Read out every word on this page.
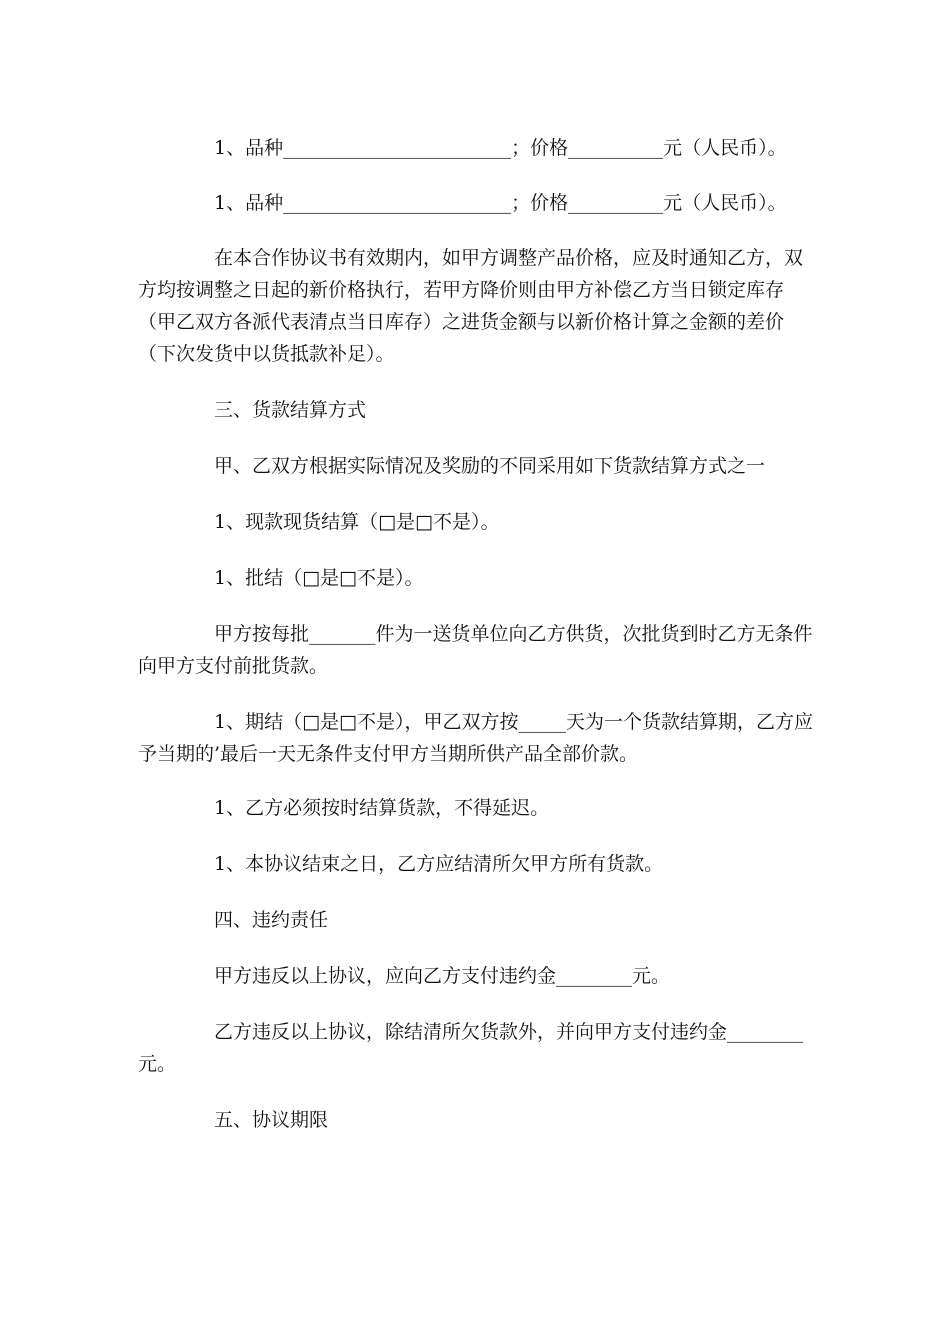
1、品种________________________；价格__________元（人民币）。

1、品种________________________；价格__________元（人民币）。

在本合作协议书有效期内，如甲方调整产品价格，应及时通知乙方，双方均按调整之日起的新价格执行，若甲方降价则由甲方补偿乙方当日锁定库存（甲乙双方各派代表清点当日库存）之进货金额与以新价格计算之金额的差价（下次发货中以货抵款补足）。

三、货款结算方式

甲、乙双方根据实际情况及奖励的不同采用如下货款结算方式之一

1、现款现货结算（□是□不是）。

1、批结（□是□不是）。

甲方按每批_______件为一送货单位向乙方供货，次批货到时乙方无条件向甲方支付前批货款。

1、期结（□是□不是），甲乙双方按_____天为一个货款结算期，乙方应予当期的’最后一天无条件支付甲方当期所供产品全部价款。

1、乙方必须按时结算货款，不得延迟。

1、本协议结束之日，乙方应结清所欠甲方所有货款。

四、违约责任

甲方违反以上协议，应向乙方支付违约金________元。

乙方违反以上协议，除结清所欠货款外，并向甲方支付违约金________元。

五、协议期限
